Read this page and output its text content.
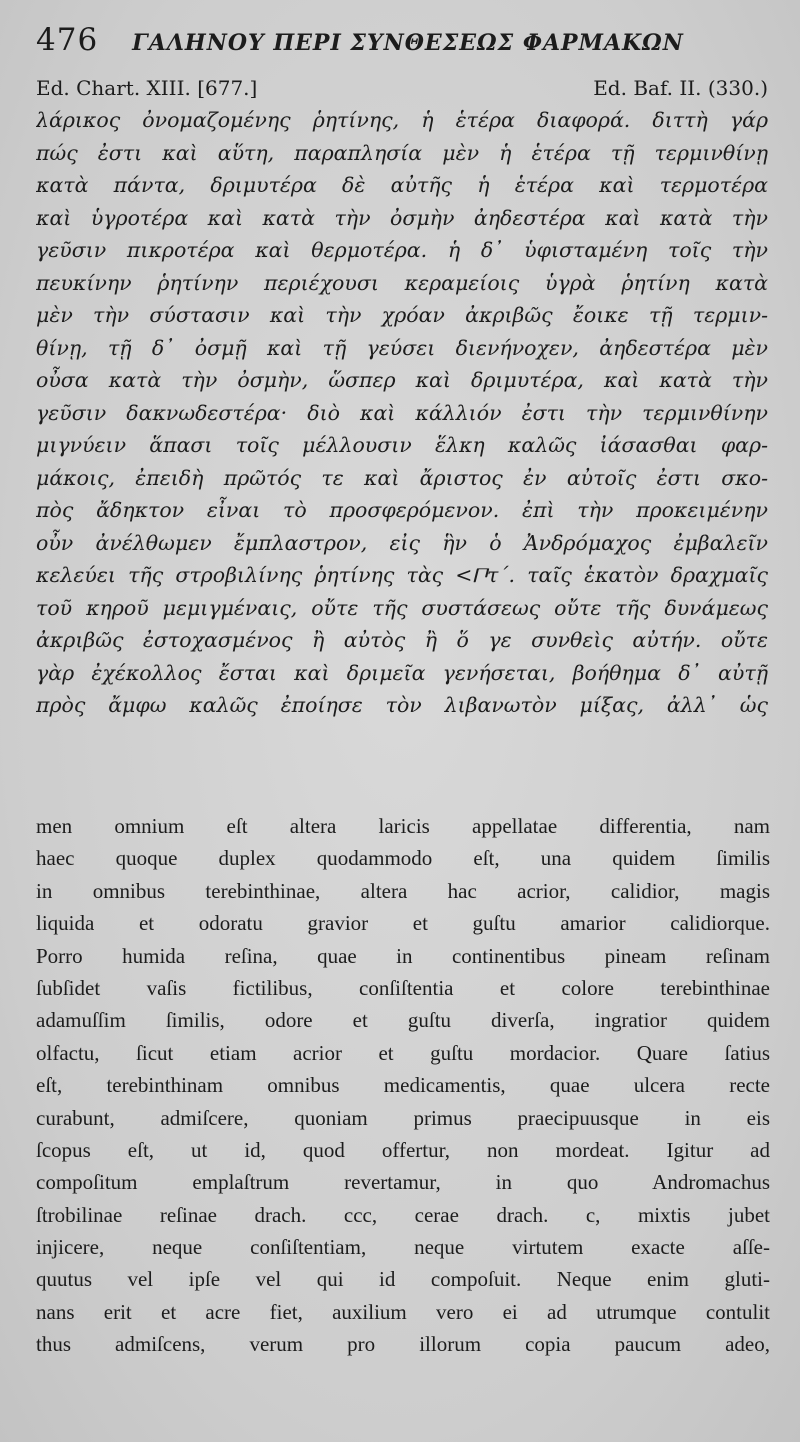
476 ΓΑΛΗΝΟΥ ΠΕΡΙ ΣΥΝΘΕΣΕΩΣ ΦΑΡΜΑΚΩΝ
Ed. Chart. XIII. [677.]	Ed. Baf. II. (330.)
λάρικος ὀνομαζομένης ῥητίνης, ἡ ἑτέρα διαφορά. διττὴ γάρ
πώς ἐστι καὶ αὕτη, παραπλησία μὲν ἡ ἑτέρα τῇ τερμινθίνῃ
κατὰ πάντα, δριμυτέρα δὲ αὐτῆς ἡ ἑτέρα καὶ τερμοτέρα
καὶ ὑγροτέρα καὶ κατὰ τὴν ὀσμὴν ἀηδεστέρα καὶ κατὰ τὴν
γεῦσιν πικροτέρα καὶ θερμοτέρα. ἡ δ᾽ ὑφισταμένη τοῖς τὴν
πευκίνην ῥητίνην περιέχουσι κεραμείοις ὑγρὰ ῥητίνη κατὰ
μὲν τὴν σύστασιν καὶ τὴν χρόαν ἀκριβῶς ἔοικε τῇ τερμιν-
θίνῃ, τῇ δ᾽ ὀσμῇ καὶ τῇ γεύσει διενήνοχεν, ἀηδεστέρα μὲν
οὖσα κατὰ τὴν ὀσμὴν, ὥσπερ καὶ δριμυτέρα, καὶ κατὰ τὴν
γεῦσιν δακνωδεστέρα· διὸ καὶ κάλλιόν ἐστι τὴν τερμινθίνην
μιγνύειν ἅπασι τοῖς μέλλουσιν ἕλκη καλῶς ἰάσασθαι φαρ-
μάκοις, ἐπειδὴ πρῶτός τε καὶ ἄριστος ἐν αὐτοῖς ἐστι σκο-
πὸς ἄδηκτον εἶναι τὸ προσφερόμενον. ἐπὶ τὴν προκειμένην
οὖν ἀνέλθωμεν ἔμπλαστρον, εἰς ἣν ὁ Ἀνδρόμαχος ἐμβαλεῖν
κελεύει τῆς στροβιλίνης ῥητίνης τὰς <𐅃τ΄. ταῖς ἑκατὸν δραχμαῖς
τοῦ κηροῦ μεμιγμέναις, οὔτε τῆς συστάσεως οὔτε τῆς δυνάμεως
ἀκριβῶς ἐστοχασμένος ἢ αὐτὸς ἢ ὅ γε συνθεὶς αὐτήν. οὔτε
γὰρ ἐχέκολλος ἔσται καὶ δριμεῖα γενήσεται, βοήθημα δ᾽ αὐτῇ
πρὸς ἄμφω καλῶς ἐποίησε τὸν λιβανωτὸν μίξας, ἀλλ᾽ ὡς
men omnium eſt altera laricis appellatae differentia, nam
haec quoque duplex quodammodo eſt, una quidem ſimilis
in omnibus terebinthinae, altera hac acrior, calidior, magis
liquida et odoratu gravior et guſtu amarior calidiorque.
Porro humida reſina, quae in continentibus pineam reſinam
ſubſidet vaſis fictilibus, conſiſtentia et colore terebinthinae
adamuſſim ſimilis, odore et guſtu diverſa, ingratior quidem
olfactu, ſicut etiam acrior et guſtu mordacior. Quare ſatius
eſt, terebinthinam omnibus medicamentis, quae ulcera recte
curabunt, admiſcere, quoniam primus praecipuusque in eis
ſcopus eſt, ut id, quod offertur, non mordeat. Igitur ad
compoſitum emplaſtrum revertamur, in quo Andromachus
ſtrobilinae reſinae drach. ccc, cerae drach. c, mixtis jubet
injicere, neque conſiſtentiam, neque virtutem exacte aſſe-
quutus vel ipſe vel qui id compoſuit. Neque enim gluti-
nans erit et acre fiet, auxilium vero ei ad utrumque contulit
thus admiſcens, verum pro illorum copia paucum adeo,
